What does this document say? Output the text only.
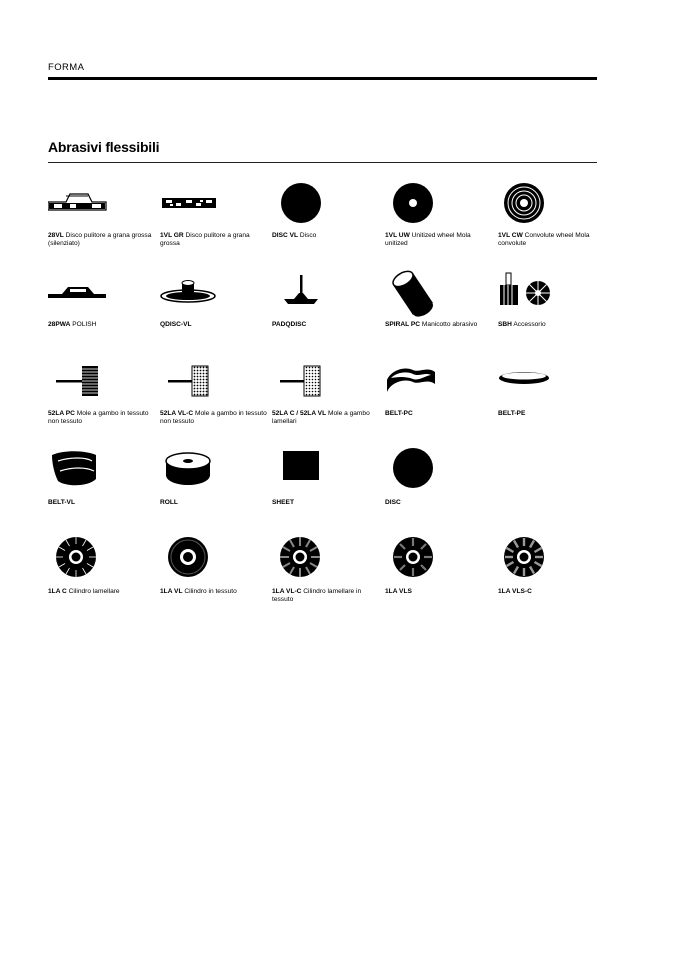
FORMA
Abrasivi flessibili
28VL Disco pulitore a grana grossa (silenziato)
1VL GR Disco pulitore a grana grossa
DISC VL Disco	1VL UW Unitized wheel Mola unitized
1VL CW Convolute wheel Mola convolute
28PWA POLISH	QDISC-VL	PADQDISC	SPIRAL PC Manicotto abrasivo	SBH Accessorio
52LA PC Mole a gambo in tessuto non tessuto
52LA VL-C Mole a gambo in tessuto non tessuto
52LA C / 52LA VL Mole a gambo lamellari
BELT-PC	BELT-PE
BELT-VL	ROLL	SHEET	DISC
1LA C Cilindro lamellare	1LA VL Cilindro in tessuto	1LA VL-C Cilindro lamellare in tessuto
1LA VLS	1LA VLS-C
